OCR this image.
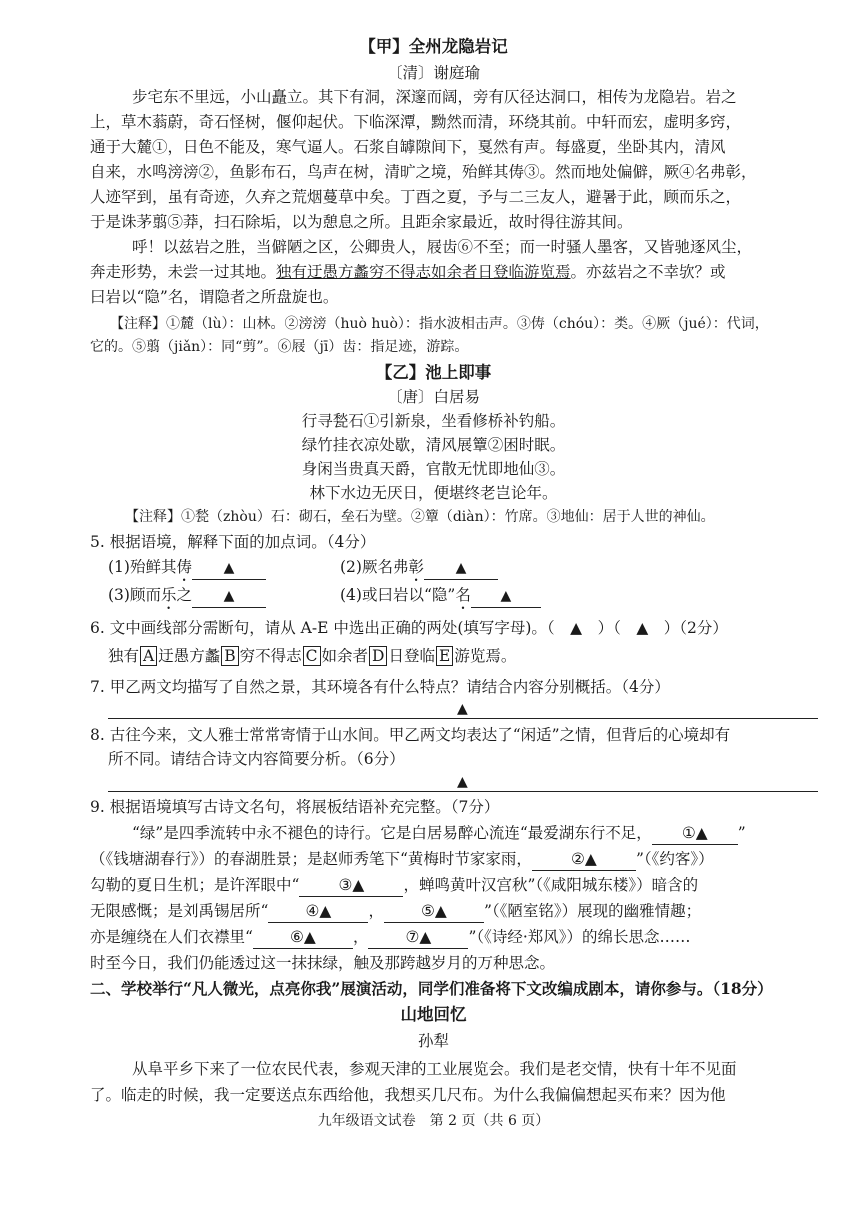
【甲】全州龙隐岩记
〔清〕谢庭瑜
步宅东不里远，小山矗立。其下有洞，深邃而阔，旁有仄径达洞口，相传为龙隐岩。岩之
上，草木蓊蔚，奇石怪树，偃仰起伏。下临深潭，黝然而清，环绕其前。中轩而宏，虚明多窍，
通于大麓①，日色不能及，寒气逼人。石浆自罅隙间下，戛然有声。每盛夏，坐卧其内，清风
自来，水鸣滂滂②，鱼影布石，鸟声在树，清旷之境，殆鲜其俦③。然而地处偏僻，厥④名弗彰，
人迹罕到，虽有奇迹，久弃之荒烟蔓草中矣。丁酉之夏，予与二三友人，避暑于此，顾而乐之，
于是诛茅翦⑤莽，扫石除垢，以为憩息之所。且距余家最近，故时得往游其间。
呼！以兹岩之胜，当僻陋之区，公卿贵人，屐齿⑥不至；而一时骚人墨客，又皆驰逐风尘，
奔走形势，未尝一过其地。独有迂愚方蠡穷不得志如余者日登临游览焉。亦兹岩之不幸欤？或
曰岩以“隐”名，谓隐者之所盘旋也。
【注释】①麓（lù）：山林。②滂滂（huò huò）：指水波相击声。③俦（chóu）：类。④厥（jué）：代词，
它的。⑤翦（jiǎn）：同“剪”。⑥屐（jī）齿：指足迹，游踪。
【乙】池上即事
〔唐〕白居易
行寻甃石①引新泉，坐看修桥补钓船。
绿竹挂衣凉处歇，清风展簟②困时眠。
身闲当贵真天爵，官散无忧即地仙③。
林下水边无厌日，便堪终老岂论年。
【注释】①甃（zhòu）石：砌石，垒石为壁。②簟（diàn）：竹席。③地仙：居于人世的神仙。
5. 根据语境，解释下面的加点词。（4分）
(1)殆鲜其俦 ▲	(2)厥名弗彰 ▲
(3)顾而乐之 ▲	(4)或曰岩以“隐”名 ▲
6. 文中画线部分需断句，请从 A-E 中选出正确的两处(填写字母)。（　▲　）（　▲　）（2分）
独有 A 迂愚方蠡 B 穷不得志 C 如余者 D 日登临 E 游览焉。
7. 甲乙两文均描写了自然之景，其环境各有什么特点？请结合内容分别概括。（4分）
▲
8. 古往今来，文人雅士常常寄情于山水间。甲乙两文均表达了“闲适”之情，但背后的心境却有
所不同。请结合诗文内容简要分析。（6分）
▲
9. 根据语境填写古诗文名句，将展板结语补充完整。（7分）
“绿”是四季流转中永不褪色的诗行。它是白居易醉心流连“最爱湖东行不足， ①▲ ”
（《钱塘湖春行》）的春湖胜景；是赵师秀笔下“黄梅时节家家雨，	②▲	”（《约客》）
勾勒的夏日生机；是许浑眼中“	③▲	，蝉鸣黄叶汉宫秋”（《咸阳城东楼》）暗含的
无限感慨；是刘禹锡居所“ ④▲ ， ⑤▲ ”（《陋室铭》）展现的幽雅情趣；
亦是缠绕在人们衣襟里“ ⑥▲ ， ⑦▲ ”（《诗经·郑风》）的绵长思念……
时至今日，我们仍能透过这一抹抹绿，触及那跨越岁月的万种思念。
二、学校举行“凡人微光，点亮你我”展演活动，同学们准备将下文改编成剧本，请你参与。（18分）
山地回忆
孙犁
从阜平乡下来了一位农民代表，参观天津的工业展览会。我们是老交情，快有十年不见面
了。临走的时候，我一定要送点东西给他，我想买几尺布。为什么我偏偏想起买布来？因为他
九年级语文试卷　第 2 页（共 6 页）
